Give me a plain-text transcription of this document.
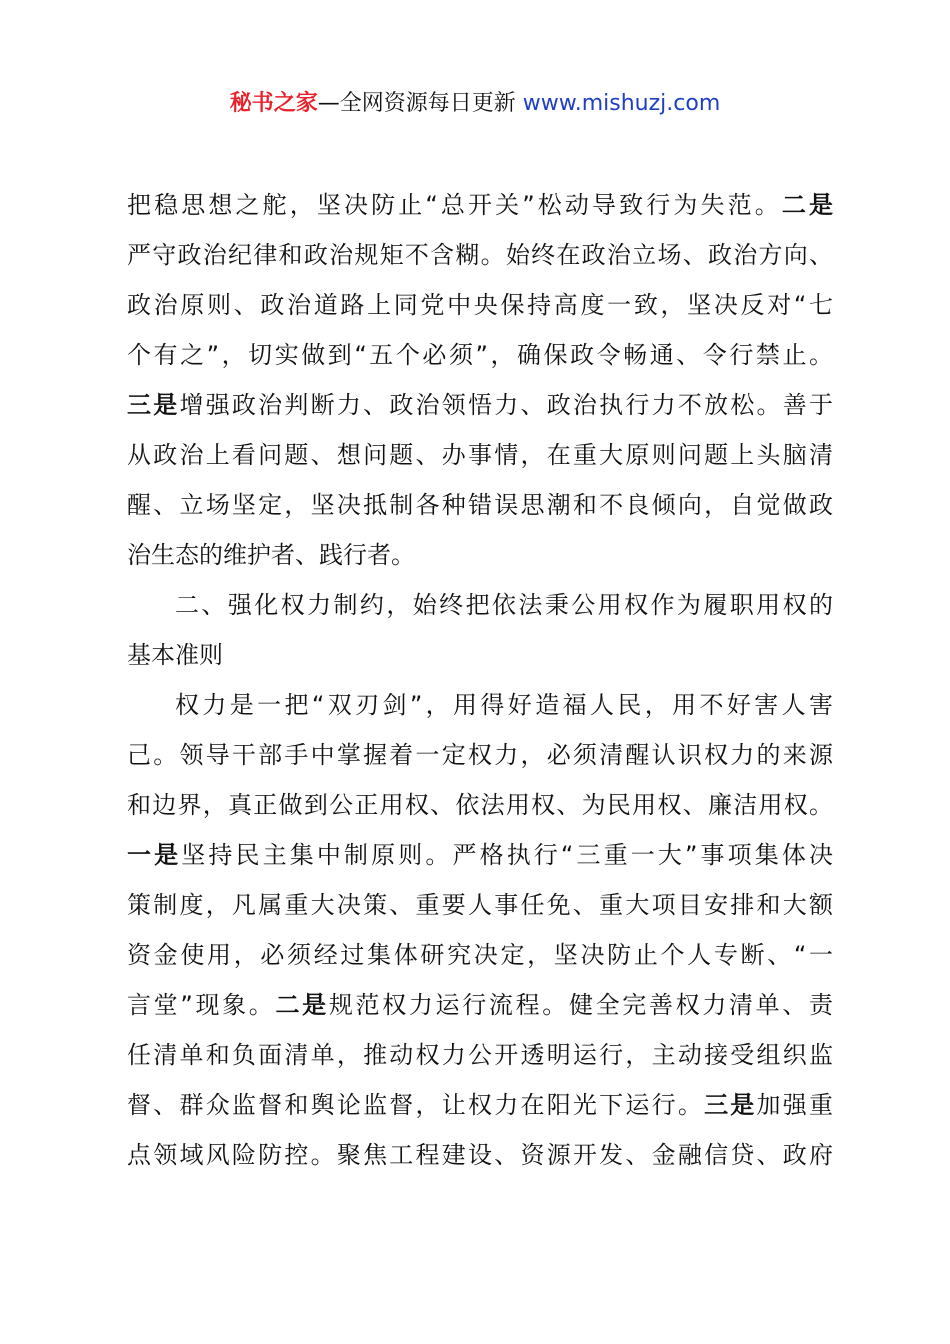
秘书之家—全网资源每日更新 www.mishuzj.com
把稳思想之舵，坚决防止“总开关”松动导致行为失范。二是
严守政治纪律和政治规矩不含糊。始终在政治立场、政治方向、
政治原则、政治道路上同党中央保持高度一致，坚决反对“七
个有之”，切实做到“五个必须”，确保政令畅通、令行禁止。
三是增强政治判断力、政治领悟力、政治执行力不放松。善于
从政治上看问题、想问题、办事情，在重大原则问题上头脑清
醒、立场坚定，坚决抵制各种错误思潮和不良倾向，自觉做政
治生态的维护者、践行者。
二、强化权力制约，始终把依法秉公用权作为履职用权的
基本准则
权力是一把“双刃剑”，用得好造福人民，用不好害人害
己。领导干部手中掌握着一定权力，必须清醒认识权力的来源
和边界，真正做到公正用权、依法用权、为民用权、廉洁用权。
一是坚持民主集中制原则。严格执行“三重一大”事项集体决
策制度，凡属重大决策、重要人事任免、重大项目安排和大额
资金使用，必须经过集体研究决定，坚决防止个人专断、“一
言堂”现象。二是规范权力运行流程。健全完善权力清单、责
任清单和负面清单，推动权力公开透明运行，主动接受组织监
督、群众监督和舆论监督，让权力在阳光下运行。三是加强重
点领域风险防控。聚焦工程建设、资源开发、金融信贷、政府
